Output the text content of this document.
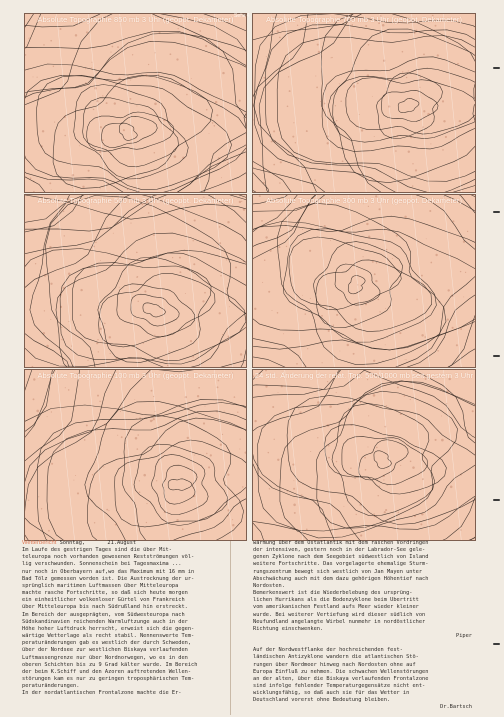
Absolute Topographie 850 mb 3 Uhr (geopot. Dekameter) Seite 4	Absolute Topographie 700 mb 3 Uhr (geopot. Dekameter)
Absolute Topographie 500 mb 3 Uhr (geopot. Dekameter)	Absolute Topographie 300 mb 3 Uhr (geopot. Dekameter)
Absolute Topographie 100 mb 3 Uhr (geopot. Dekameter)	24 std. Änderung der relat. Top. 500/1000 mb seit gestern 3 Uhr
Wetterbericht Sonntag,	21.August
Im Laufe des gestrigen Tages sind die über Mit-
teleuropa noch vorhanden gewesenen Restströmungen völ-
lig verschwunden. Sonnenschein bei Tagesmaxima ...
nur noch in Oberbayern auf,wo das Maximum mit 16 mm in
Bad Tölz gemessen worden ist. Die Austrocknung der ur-
sprünglich maritimen Luftmassen über Mitteleuropa
machte rasche Fortschritte, so daß sich heute morgen
ein einheitlicher wolkenloser Gürtel von Frankreich
über Mitteleuropa bis nach Südrußland hin erstreckt.
Im Bereich der ausgeprägten, vom Südwesteuropa nach
Südskandinavien reichenden Warmluftzunge auch in der
Höhe hoher Luftdruck herrscht, erweist sich die gegen-
wärtige Wetterlage als recht stabil. Nennenswerte Tem-
peraturänderungen gab es westlich der durch Schweden,
über der Nordsee zur westlichen Biskaya verlaufenden
Luftmassengrenze nur über Nordnorwegen, wo es in den
oberen Schichten bis zu 9 Grad kälter wurde. Im Bereich
der beim K.Schiff und den Azoren auftretenden Wellen-
störungen kam es nur zu geringen troposphärischen Tem-
peraturänderungen.
In der nordatlantischen Frontalzone machte die Er-
wärmung über dem Ostatlantik mit dem raschen Vordringen
der intensiven, gestern noch in der Labrador-See gele-
genen Zyklone nach dem Seegebiet südwestlich von Island
weitere Fortschritte. Das vorgelagerte ehemalige Sturm-
rungszentrum bewegt sich westlich von Jan Mayen unter
Abschwächung auch mit dem dazu gehörigen Höhentief nach
Nordosten.
Bemerkenswert ist die Wiederbelebung des ursprüng-
lichen Hurrikans als die Bodenzyklone beim Übertritt
vom amerikanischen Festland aufs Meer wieder kleiner
wurde. Bei weiterer Vertiefung wird dieser südlich von
Neufundland angelangte Wirbel nunmehr in nordöstlicher
Richtung einschwenken.
Piper
Auf der Nordwestflanke der hochreichenden fest-
ländischen Antizyklone wandern die atlantischen Stö-
rungen über Nordmeer hinweg nach Nordosten ohne auf
Europa Einfluß zu nehmen. Die schwachen Wellenstörungen
an der alten, über die Biskaya verlaufenden Frontalzone
sind infolge fehlender Temperaturgegensätze nicht ent-
wicklungsfähig, so daß auch sie für das Wetter in
Deutschland vorerst ohne Bedeutung bleiben.
Dr.Bartsch
